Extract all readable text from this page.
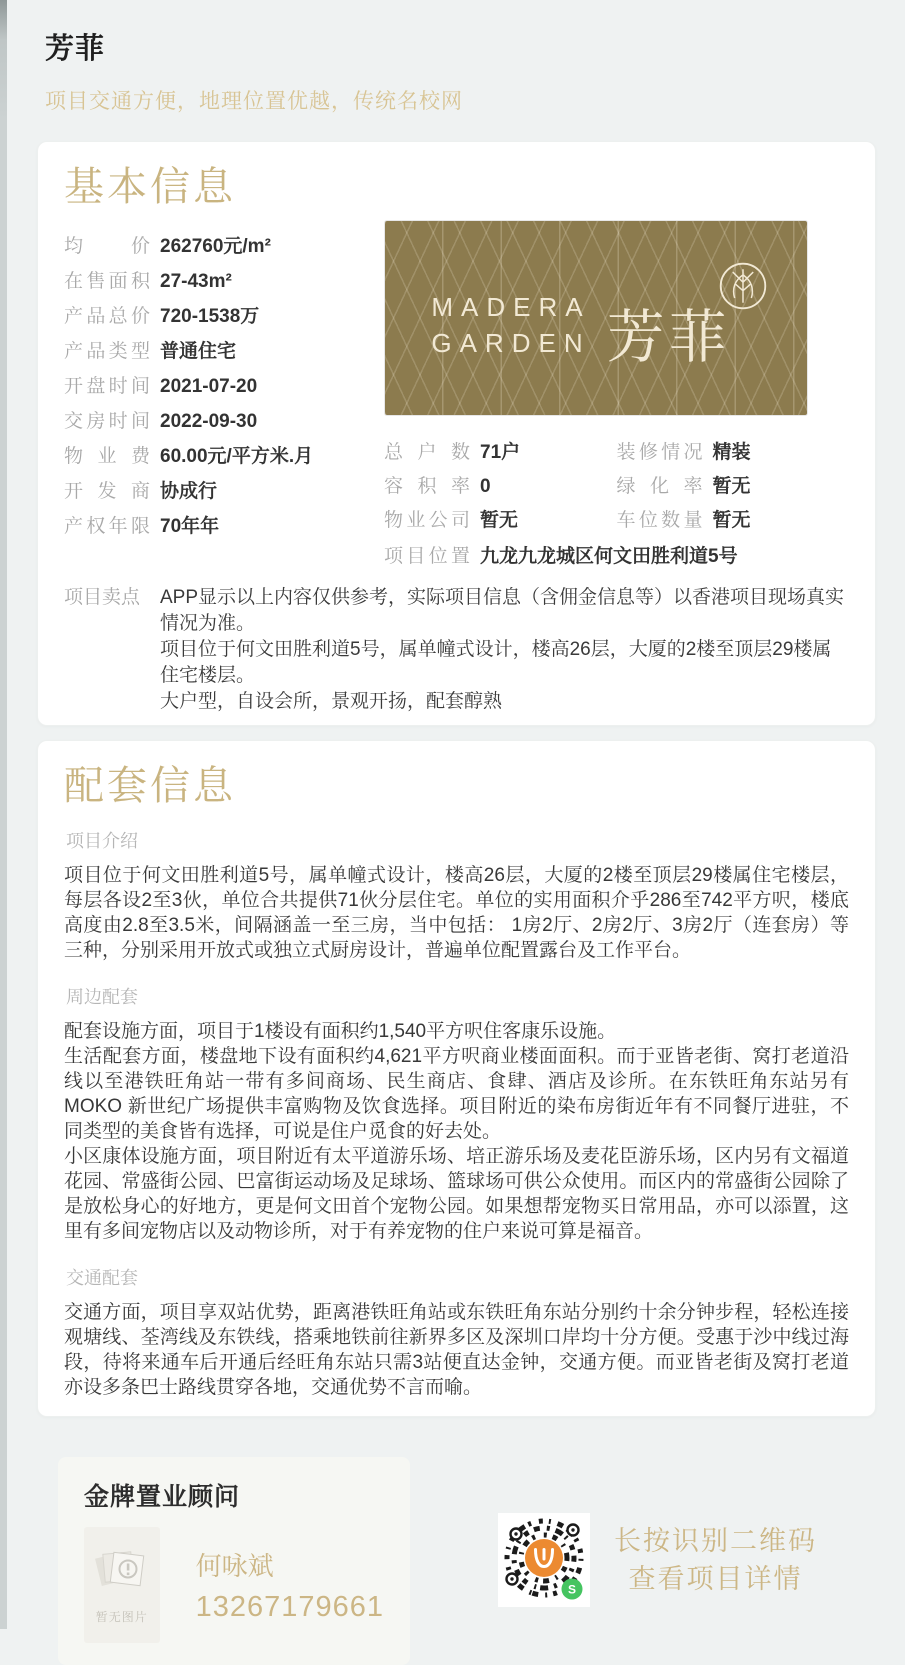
芳菲
项目交通方便，地理位置优越，传统名校网
基本信息
均价 262760元/m²
在售面积 27-43m²
产品总价 720-1538万
产品类型 普通住宅
开盘时间 2021-07-20
交房时间 2022-09-30
物业费 60.00元/平方米.月
开发商 协成行
产权年限 70年年
MADERA
GARDEN 芳菲
总户数 71户	装修情况 精装
容积率 0	绿化率 暂无
物业公司 暂无	车位数量 暂无
项目位置 九龙九龙城区何文田胜利道5号
项目卖点	APP显示以上内容仅供参考，实际项目信息（含佣金信息等）以香港项目现场真实情况为准。

项目位于何文田胜利道5号，属单幢式设计，楼高26层，大厦的2楼至顶层29楼属住宅楼层。

大户型，自设会所，景观开扬，配套醇熟

配套信息
项目介绍

项目位于何文田胜利道5号，属单幢式设计，楼高26层，大厦的2楼至顶层29楼属住宅楼层，每层各设2至3伙，单位合共提供71伙分层住宅。单位的实用面积介乎286至742平方呎，楼底高度由2.8至3.5米，间隔涵盖一至三房，当中包括： 1房2厅、2房2厅、3房2厅（连套房）等三种，分别采用开放式或独立式厨房设计，普遍单位配置露台及工作平台。

周边配套

配套设施方面，项目于1楼设有面积约1,540平方呎住客康乐设施。

生活配套方面，楼盘地下设有面积约4,621平方呎商业楼面面积。而于亚皆老街、窝打老道沿线以至港铁旺角站一带有多间商场、民生商店、食肆、酒店及诊所。在东铁旺角东站另有MOKO 新世纪广场提供丰富购物及饮食选择。项目附近的染布房街近年有不同餐厅进驻，不同类型的美食皆有选择，可说是住户觅食的好去处。

小区康体设施方面，项目附近有太平道游乐场、培正游乐场及麦花臣游乐场，区内另有文福道花园、常盛街公园、巴富街运动场及足球场、篮球场可供公众使用。而区内的常盛街公园除了是放松身心的好地方，更是何文田首个宠物公园。如果想帮宠物买日常用品，亦可以添置，这里有多间宠物店以及动物诊所，对于有养宠物的住户来说可算是福音。

交通配套

交通方面，项目享双站优势，距离港铁旺角站或东铁旺角东站分别约十余分钟步程，轻松连接观塘线、荃湾线及东铁线，搭乘地铁前往新界多区及深圳口岸均十分方便。受惠于沙中线过海段，待将来通车后开通后经旺角东站只需3站便直达金钟，交通方便。而亚皆老街及窝打老道亦设多条巴士路线贯穿各地，交通优势不言而喻。

金牌置业顾问
暂无图片
何咏斌
13267179661
S
长按识别二维码
查看项目详情
